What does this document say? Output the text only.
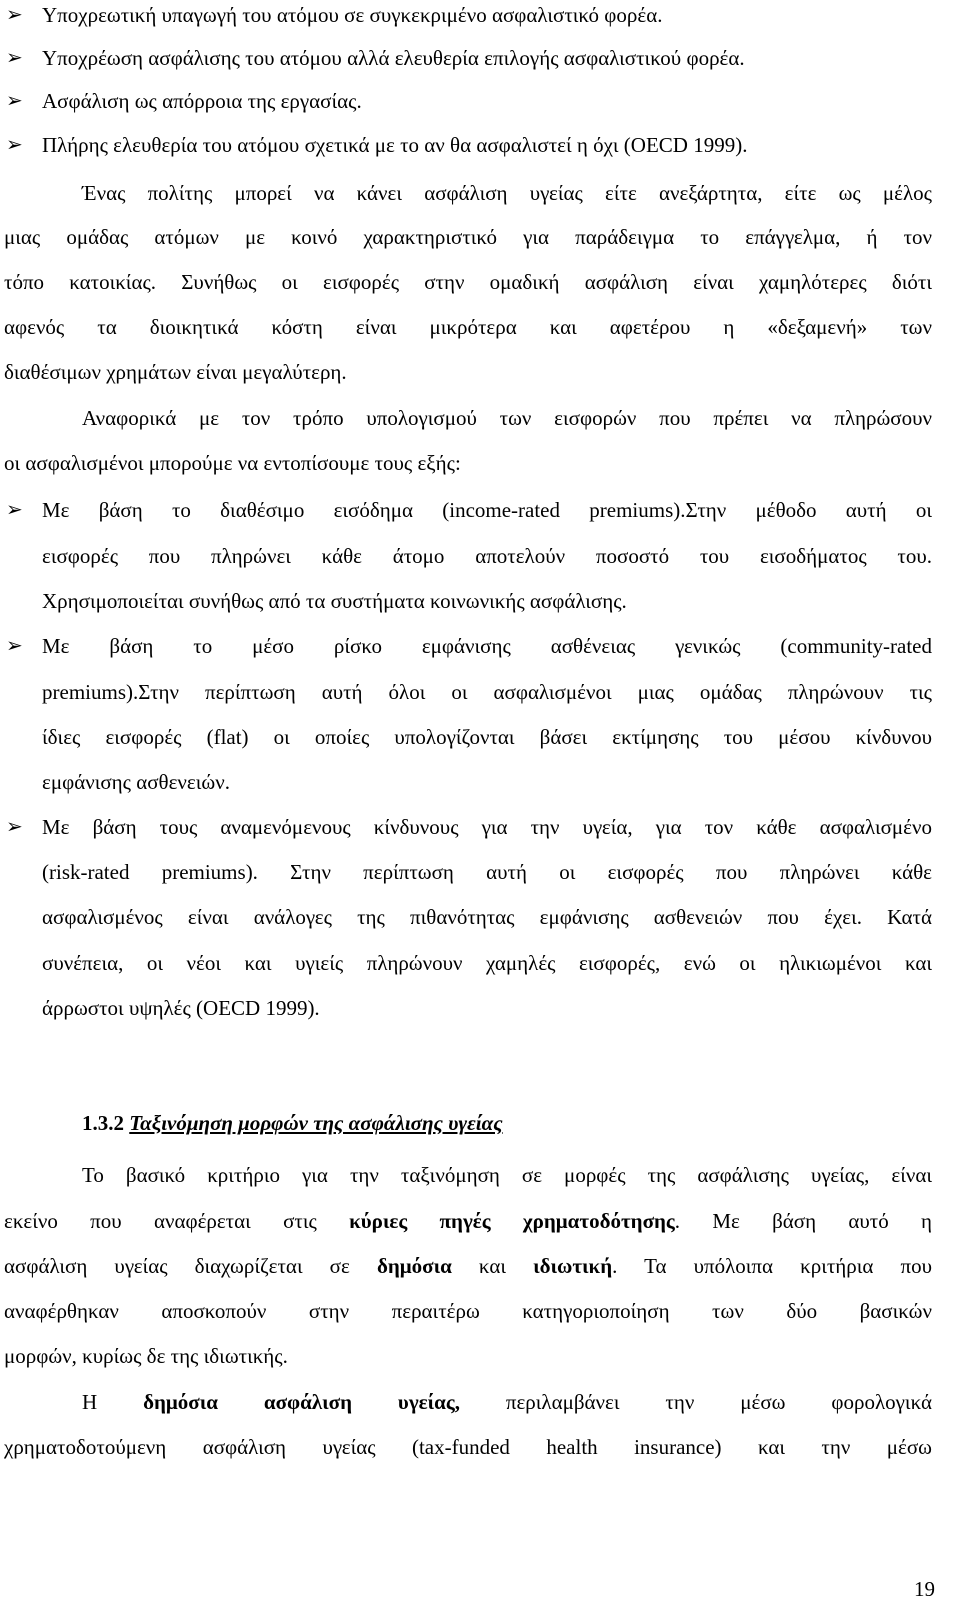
➢ Υποχρεωτική υπαγωγή του ατόμου σε συγκεκριμένο ασφαλιστικό φορέα.
➢ Υποχρέωση ασφάλισης του ατόμου αλλά ελευθερία επιλογής ασφαλιστικού φορέα.
➢ Ασφάλιση ως απόρροια της εργασίας.
➢ Πλήρης ελευθερία του ατόμου σχετικά με το αν θα ασφαλιστεί η όχι (OECD 1999).
Ένας πολίτης μπορεί να κάνει ασφάλιση υγείας είτε ανεξάρτητα, είτε ως μέλος
μιας ομάδας ατόμων με κοινό χαρακτηριστικό για παράδειγμα το επάγγελμα, ή τον
τόπο κατοικίας. Συνήθως οι εισφορές στην ομαδική ασφάλιση είναι χαμηλότερες διότι
αφενός τα διοικητικά κόστη είναι μικρότερα και αφετέρου η «δεξαμενή» των
διαθέσιμων χρημάτων είναι μεγαλύτερη.
Αναφορικά με τον τρόπο υπολογισμού των εισφορών που πρέπει να πληρώσουν
οι ασφαλισμένοι μπορούμε να εντοπίσουμε τους εξής:
➢ Με βάση το διαθέσιμο εισόδημα (income-rated premiums).Στην μέθοδο αυτή οι
εισφορές που πληρώνει κάθε άτομο αποτελούν ποσοστό του εισοδήματος του.
Χρησιμοποιείται συνήθως από τα συστήματα κοινωνικής ασφάλισης.
➢ Με βάση το μέσο ρίσκο εμφάνισης ασθένειας γενικώς (community-rated
premiums).Στην περίπτωση αυτή όλοι οι ασφαλισμένοι μιας ομάδας πληρώνουν τις
ίδιες εισφορές (flat) οι οποίες υπολογίζονται βάσει εκτίμησης του μέσου κίνδυνου
εμφάνισης ασθενειών.
➢ Με βάση τους αναμενόμενους κίνδυνους για την υγεία, για τον κάθε ασφαλισμένο
(risk-rated premiums). Στην περίπτωση αυτή οι εισφορές που πληρώνει κάθε
ασφαλισμένος είναι ανάλογες της πιθανότητας εμφάνισης ασθενειών που έχει. Κατά
συνέπεια, οι νέοι και υγιείς πληρώνουν χαμηλές εισφορές, ενώ οι ηλικιωμένοι και
άρρωστοι υψηλές (OECD 1999).
1.3.2 Ταξινόμηση μορφών της ασφάλισης υγείας
Το βασικό κριτήριο για την ταξινόμηση σε μορφές της ασφάλισης υγείας, είναι
εκείνο που αναφέρεται στις κύριες πηγές χρηματοδότησης. Με βάση αυτό η
ασφάλιση υγείας διαχωρίζεται σε δημόσια και ιδιωτική. Τα υπόλοιπα κριτήρια που
αναφέρθηκαν αποσκοπούν στην περαιτέρω κατηγοριοποίηση των δύο βασικών
μορφών, κυρίως δε της ιδιωτικής.
Η δημόσια ασφάλιση υγείας, περιλαμβάνει την μέσω φορολογικά
χρηματοδοτούμενη ασφάλιση υγείας (tax-funded health insurance) και την μέσω
19
